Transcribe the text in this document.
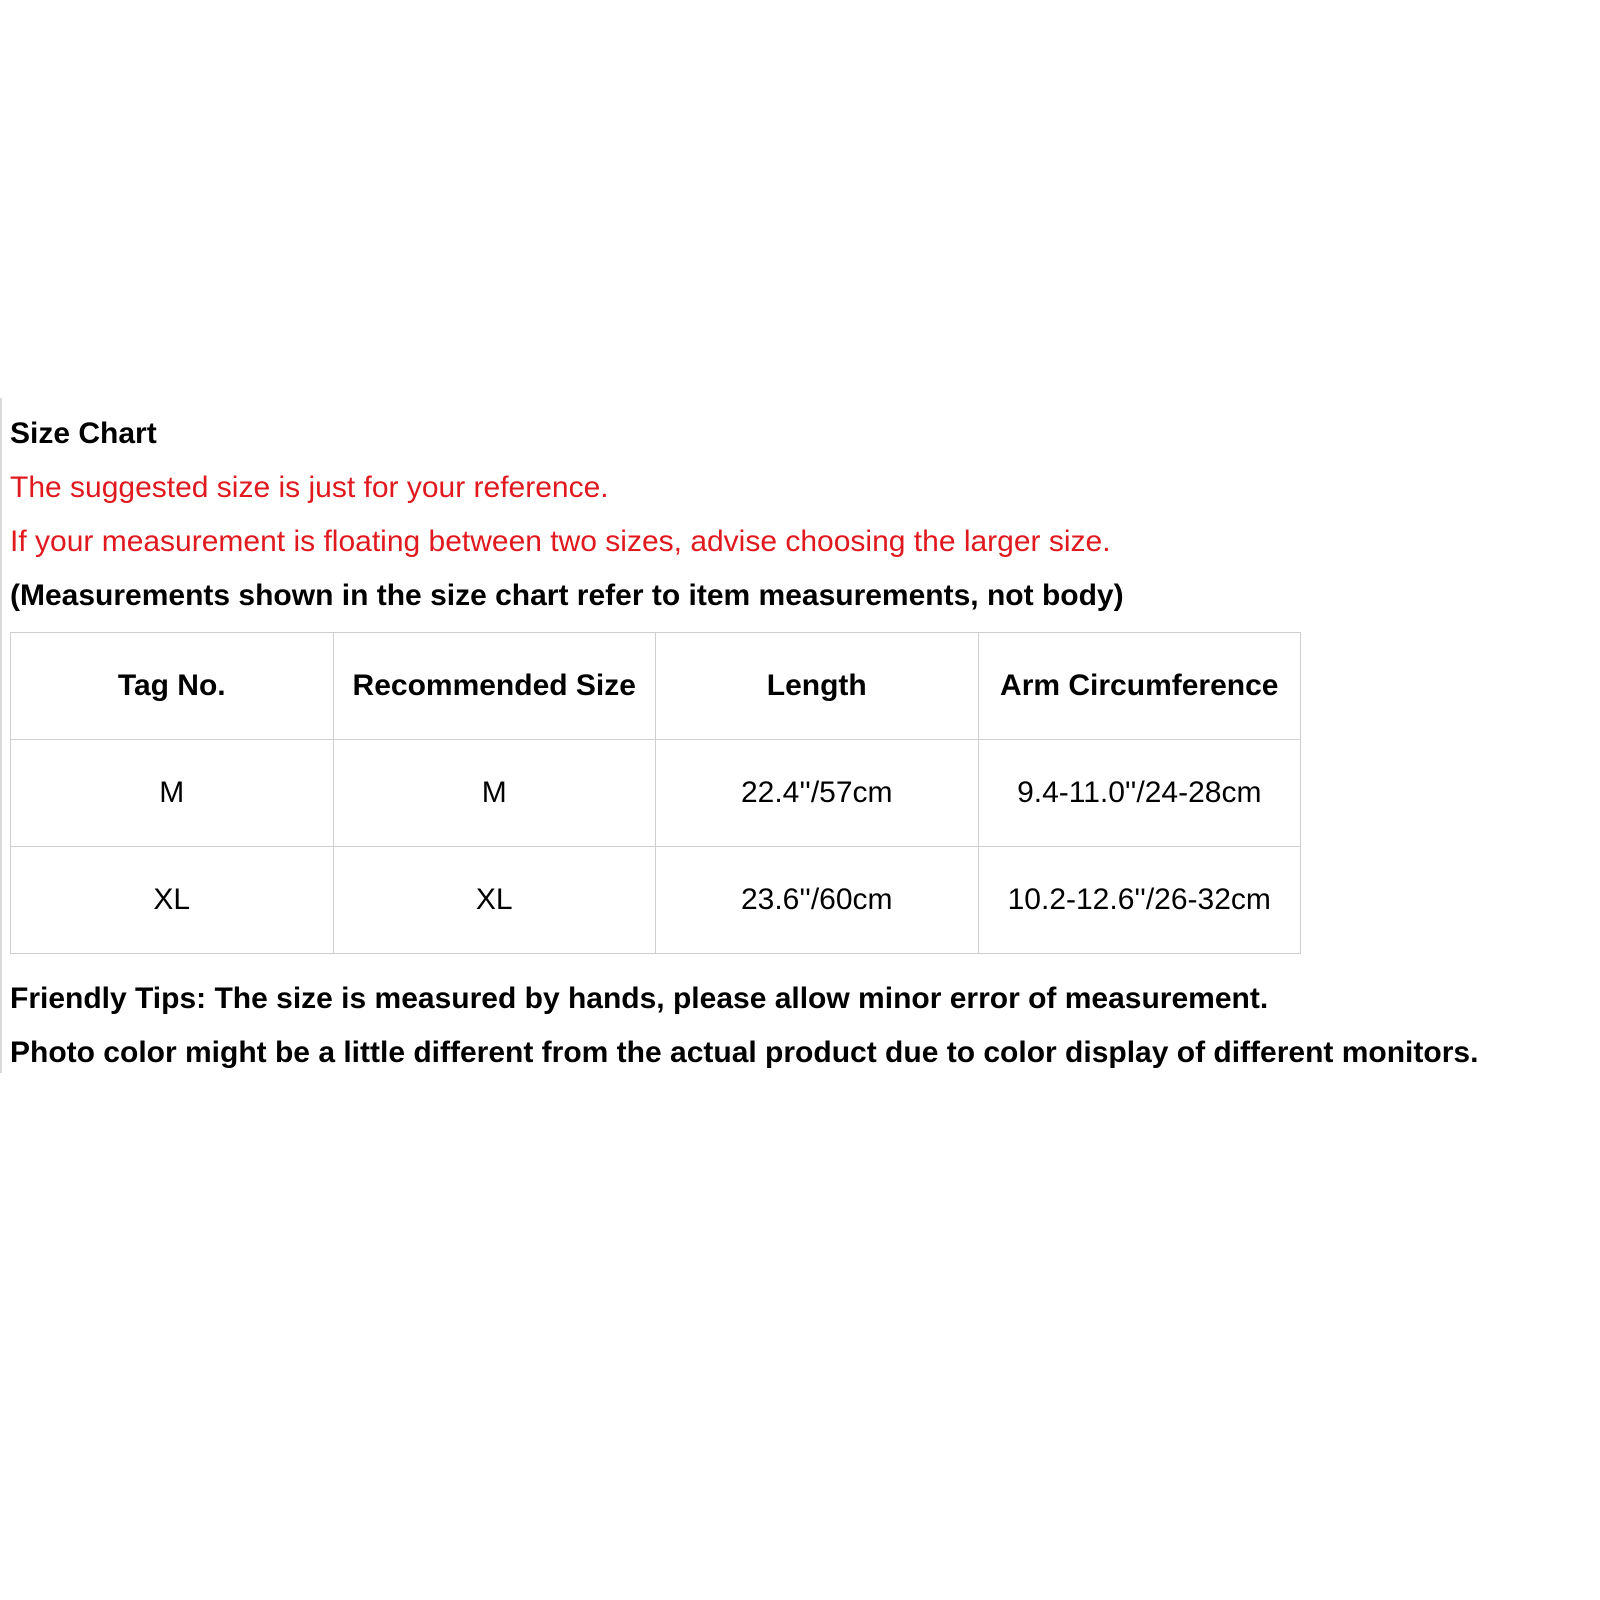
Size Chart
The suggested size is just for your reference.
If your measurement is floating between two sizes, advise choosing the larger size.
(Measurements shown in the size chart refer to item measurements, not body)
Tag No.	Recommended Size	Length	Arm Circumference
M	M	22.4''/57cm	9.4-11.0''/24-28cm
XL	XL	23.6''/60cm	10.2-12.6''/26-32cm
Friendly Tips: The size is measured by hands, please allow minor error of measurement.
Photo color might be a little different from the actual product due to color display of different monitors.
